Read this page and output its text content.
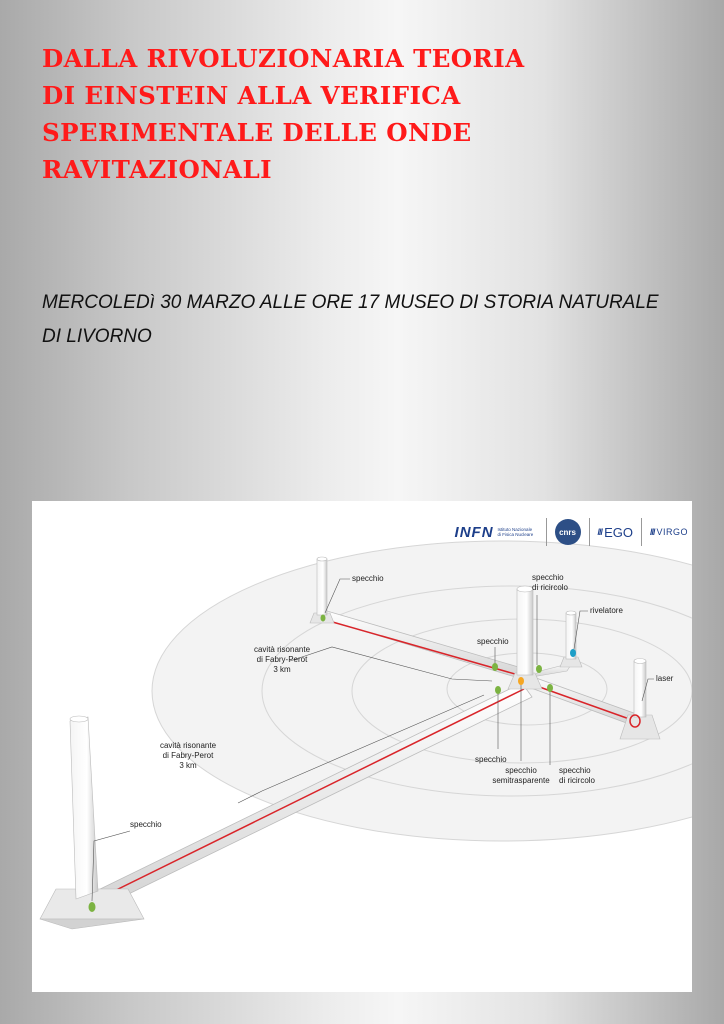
DALLA RIVOLUZIONARIA TEORIA
DI EINSTEIN ALLA VERIFICA
SPERIMENTALE DELLE ONDE
RAVITAZIONALI

MERCOLEDì 30 MARZO ALLE ORE 17 MUSEO DI STORIA NATURALE
DI LIVORNO

specchio	specchio
di ricircolo
rivelatore
specchio
laser
cavità risonante
di Fabry-Perot
3 km
cavità risonante
di Fabry-Perot
3 km
specchio
specchio
semitrasparente
specchio
di ricircolo
specchio
INFN Istituto Nazionale
di Fisica Nucleare	cnrs	/// EGO /// VIRGO
